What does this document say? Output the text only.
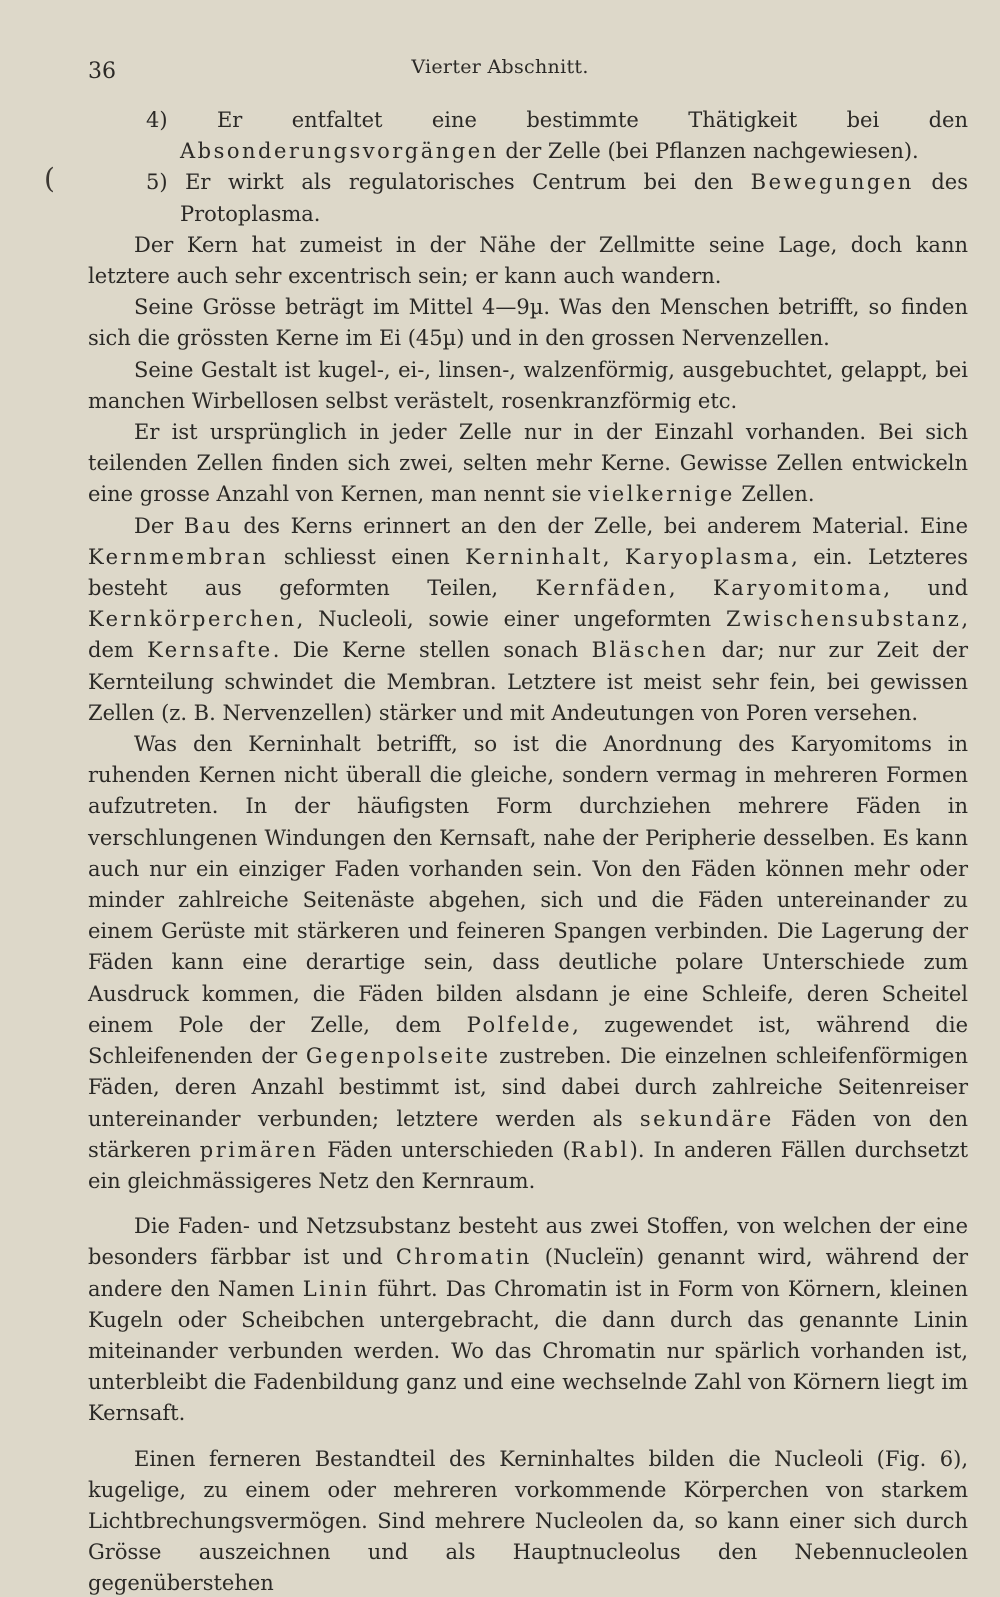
36	Vierter Abschnitt.
(

4) Er entfaltet eine bestimmte Thätigkeit bei den Absonderungsvorgängen der Zelle (bei Pflanzen nachgewiesen).

5) Er wirkt als regulatorisches Centrum bei den Bewegungen des Protoplasma.

Der Kern hat zumeist in der Nähe der Zellmitte seine Lage, doch kann letztere auch sehr excentrisch sein; er kann auch wandern.

Seine Grösse beträgt im Mittel 4—9µ. Was den Menschen betrifft, so finden sich die grössten Kerne im Ei (45µ) und in den grossen Nervenzellen.

Seine Gestalt ist kugel-, ei-, linsen-, walzenförmig, ausgebuchtet, gelappt, bei manchen Wirbellosen selbst verästelt, rosenkranzförmig etc.

Er ist ursprünglich in jeder Zelle nur in der Einzahl vorhanden. Bei sich teilenden Zellen finden sich zwei, selten mehr Kerne. Gewisse Zellen entwickeln eine grosse Anzahl von Kernen, man nennt sie vielkernige Zellen.

Der Bau des Kerns erinnert an den der Zelle, bei anderem Material. Eine Kernmembran schliesst einen Kerninhalt, Karyoplasma, ein. Letzteres besteht aus geformten Teilen, Kernfäden, Karyomitoma, und Kernkörperchen, Nucleoli, sowie einer ungeformten Zwischensubstanz, dem Kernsafte. Die Kerne stellen sonach Bläschen dar; nur zur Zeit der Kernteilung schwindet die Membran. Letztere ist meist sehr fein, bei gewissen Zellen (z. B. Nervenzellen) stärker und mit Andeutungen von Poren versehen.

Was den Kerninhalt betrifft, so ist die Anordnung des Karyomitoms in ruhenden Kernen nicht überall die gleiche, sondern vermag in mehreren Formen aufzutreten. In der häufigsten Form durchziehen mehrere Fäden in verschlungenen Windungen den Kernsaft, nahe der Peripherie desselben. Es kann auch nur ein einziger Faden vorhanden sein. Von den Fäden können mehr oder minder zahlreiche Seitenäste abgehen, sich und die Fäden untereinander zu einem Gerüste mit stärkeren und feineren Spangen verbinden. Die Lagerung der Fäden kann eine derartige sein, dass deutliche polare Unterschiede zum Ausdruck kommen, die Fäden bilden alsdann je eine Schleife, deren Scheitel einem Pole der Zelle, dem Polfelde, zugewendet ist, während die Schleifenenden der Gegenpolseite zustreben. Die einzelnen schleifenförmigen Fäden, deren Anzahl bestimmt ist, sind dabei durch zahlreiche Seitenreiser untereinander verbunden; letztere werden als sekundäre Fäden von den stärkeren primären Fäden unterschieden (Rabl). In anderen Fällen durchsetzt ein gleichmässigeres Netz den Kernraum.

Die Faden- und Netzsubstanz besteht aus zwei Stoffen, von welchen der eine besonders färbbar ist und Chromatin (Nucleïn) genannt wird, während der andere den Namen Linin führt. Das Chromatin ist in Form von Körnern, kleinen Kugeln oder Scheibchen untergebracht, die dann durch das genannte Linin miteinander verbunden werden. Wo das Chromatin nur spärlich vorhanden ist, unterbleibt die Fadenbildung ganz und eine wechselnde Zahl von Körnern liegt im Kernsaft.

Einen ferneren Bestandteil des Kerninhaltes bilden die Nucleoli (Fig. 6), kugelige, zu einem oder mehreren vorkommende Körperchen von starkem Lichtbrechungsvermögen. Sind mehrere Nucleolen da, so kann einer sich durch Grösse auszeichnen und als Hauptnucleolus den Nebennucleolen gegenüberstehen
